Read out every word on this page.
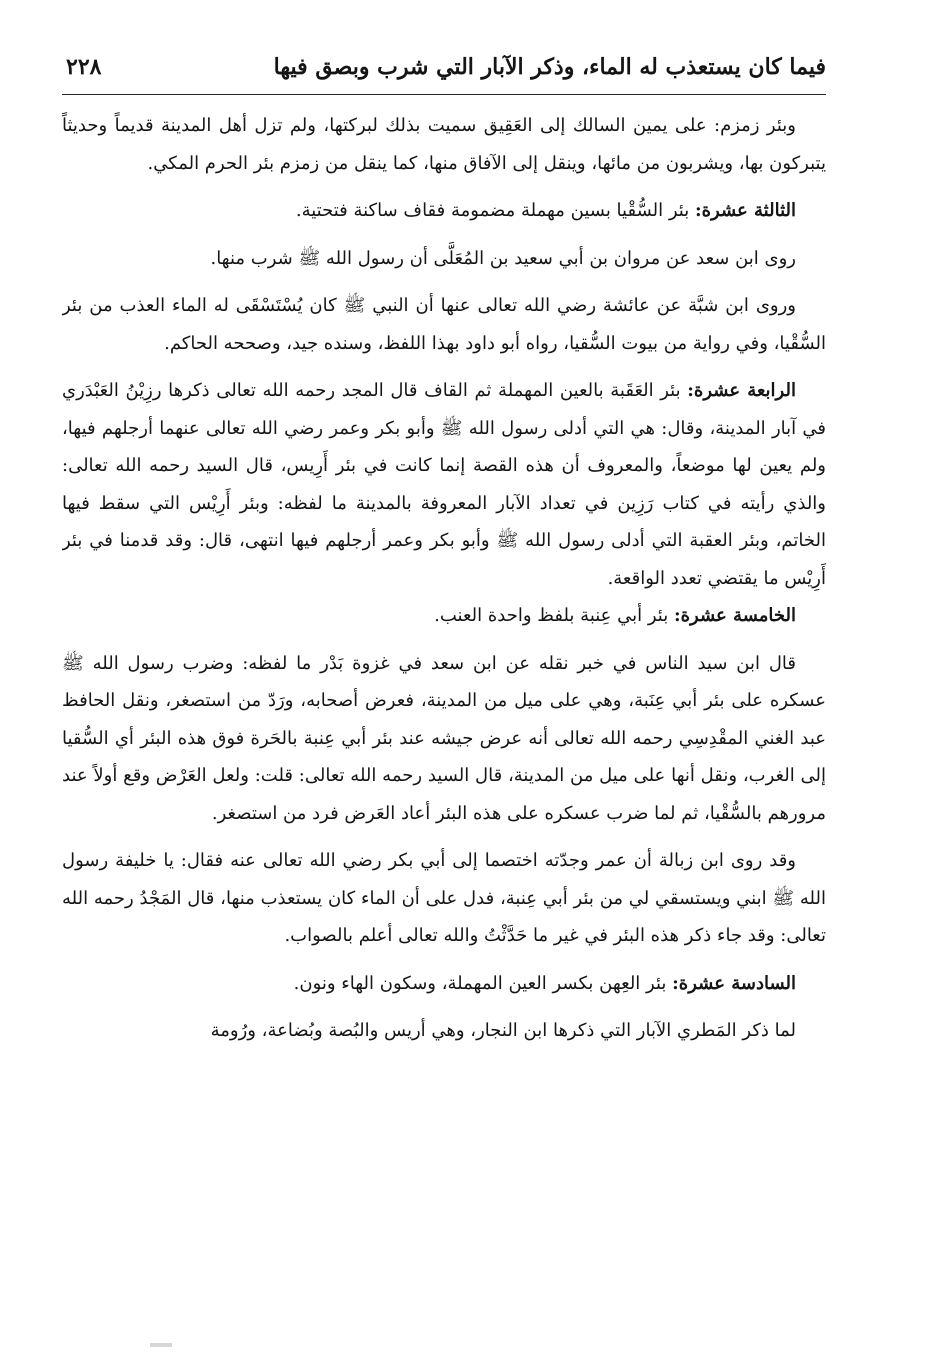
فيما كان يستعذب له الماء، وذكر الآبار التي شرب وبصق فيها
٢٢٨

وبئر زمزم: على يمين السالك إلى العَقِيق سميت بذلك لبركتها، ولم تزل أهل المدينة قديماً وحديثاً يتبركون بها، ويشربون من مائها، وينقل إلى الآفاق منها، كما ينقل من زمزم بئر الحرم المكي.

الثالثة عشرة: بئر السُّقْيا بسين مهملة مضمومة فقاف ساكنة فتحتية.

روى ابن سعد عن مروان بن أبي سعيد بن المُعَلَّى أن رسول الله ﷺ شرب منها.

وروى ابن شبَّة عن عائشة رضي الله تعالى عنها أن النبي ﷺ كان يُسْتَسْقَى له الماء العذب من بئر السُّقْيا، وفي رواية من بيوت السُّقيا، رواه أبو داود بهذا اللفظ، وسنده جيد، وصححه الحاكم.

الرابعة عشرة: بئر العَقَبة بالعين المهملة ثم القاف قال المجد رحمه الله تعالى ذكرها رزِيْنُ العَبْدَري في آبار المدينة، وقال: هي التي أدلى رسول الله ﷺ وأبو بكر وعمر رضي الله تعالى عنهما أرجلهم فيها، ولم يعين لها موضعاً، والمعروف أن هذه القصة إنما كانت في بئر أَرِيس، قال السيد رحمه الله تعالى: والذي رأيته في كتاب رَزِين في تعداد الآبار المعروفة بالمدينة ما لفظه: وبئر أَرِيْس التي سقط فيها الخاتم، وبئر العقبة التي أدلى رسول الله ﷺ وأبو بكر وعمر أرجلهم فيها انتهى، قال: وقد قدمنا في بئر أَرِيْس ما يقتضي تعدد الواقعة.

الخامسة عشرة: بئر أبي عِنبة بلفظ واحدة العنب.

قال ابن سيد الناس في خبر نقله عن ابن سعد في غزوة بَدْر ما لفظه: وضرب رسول الله ﷺ عسكره على بئر أبي عِنَبة، وهي على ميل من المدينة، فعرض أصحابه، ورَدّ من استصغر، ونقل الحافظ عبد الغني المقْدِسِي رحمه الله تعالى أنه عرض جيشه عند بئر أبي عِنبة بالحَرة فوق هذه البئر أي السُّقيا إلى الغرب، ونقل أنها على ميل من المدينة، قال السيد رحمه الله تعالى: قلت: ولعل العَرْض وقع أولاً عند مرورهم بالسُّقْيا، ثم لما ضرب عسكره على هذه البئر أعاد العَرض فرد من استصغر.

وقد روى ابن زبالة أن عمر وجدّته اختصما إلى أبي بكر رضي الله تعالى عنه فقال: يا خليفة رسول الله ﷺ ابني ويستسقي لي من بئر أبي عِنبة، فدل على أن الماء كان يستعذب منها، قال المَجْدُ رحمه الله تعالى: وقد جاء ذكر هذه البئر في غير ما حَدَّثْتُ والله تعالى أعلم بالصواب.

السادسة عشرة: بئر العِهن بكسر العين المهملة، وسكون الهاء ونون.

لما ذكر المَطري الآبار التي ذكرها ابن النجار، وهي أريس والبُصة وبُضاعة، ورُومة
